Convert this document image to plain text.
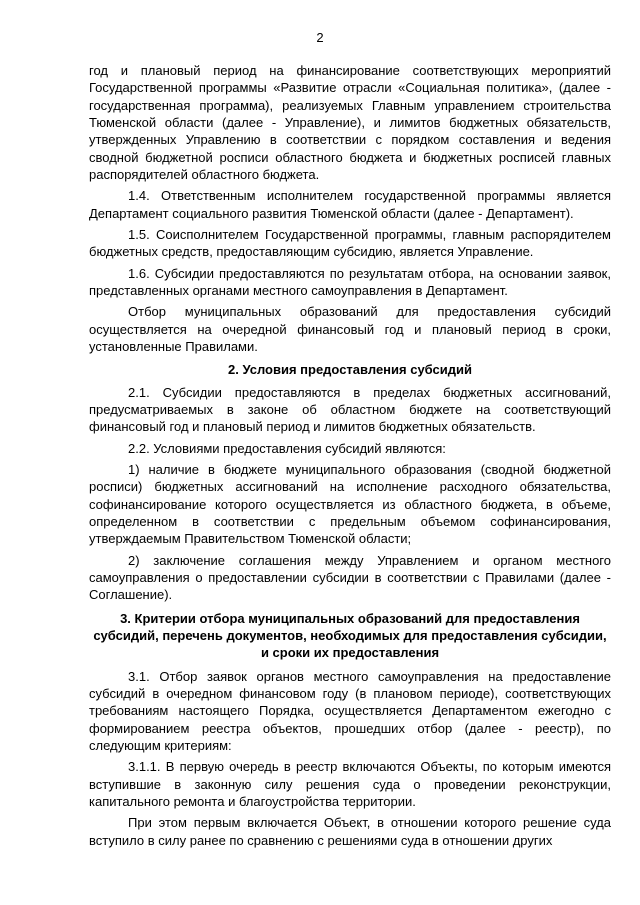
2

год и плановый период на финансирование соответствующих мероприятий Государственной программы «Развитие отрасли «Социальная политика», (далее - государственная программа), реализуемых Главным управлением строительства Тюменской области (далее - Управление), и лимитов бюджетных обязательств, утвержденных Управлению в соответствии с порядком составления и ведения сводной бюджетной росписи областного бюджета и бюджетных росписей главных распорядителей областного бюджета.

1.4. Ответственным исполнителем государственной программы является Департамент социального развития Тюменской области (далее - Департамент).

1.5. Соисполнителем Государственной программы, главным распорядителем бюджетных средств, предоставляющим субсидию, является Управление.

1.6. Субсидии предоставляются по результатам отбора, на основании заявок, представленных органами местного самоуправления в Департамент.

Отбор муниципальных образований для предоставления субсидий осуществляется на очередной финансовый год и плановый период в сроки, установленные Правилами.

2. Условия предоставления субсидий

2.1. Субсидии предоставляются в пределах бюджетных ассигнований, предусматриваемых в законе об областном бюджете на соответствующий финансовый год и плановый период и лимитов бюджетных обязательств.

2.2. Условиями предоставления субсидий являются:

1) наличие в бюджете муниципального образования (сводной бюджетной росписи) бюджетных ассигнований на исполнение расходного обязательства, софинансирование которого осуществляется из областного бюджета, в объеме, определенном в соответствии с предельным объемом софинансирования, утверждаемым Правительством Тюменской области;

2) заключение соглашения между Управлением и органом местного самоуправления о предоставлении субсидии в соответствии с Правилами (далее - Соглашение).

3. Критерии отбора муниципальных образований для предоставления субсидий, перечень документов, необходимых для предоставления субсидии, и сроки их предоставления

3.1. Отбор заявок органов местного самоуправления на предоставление субсидий в очередном финансовом году (в плановом периоде), соответствующих требованиям настоящего Порядка, осуществляется Департаментом ежегодно с формированием реестра объектов, прошедших отбор (далее - реестр), по следующим критериям:

3.1.1. В первую очередь в реестр включаются Объекты, по которым имеются вступившие в законную силу решения суда о проведении реконструкции, капитального ремонта и благоустройства территории.

При этом первым включается Объект, в отношении которого решение суда вступило в силу ранее по сравнению с решениями суда в отношении других
